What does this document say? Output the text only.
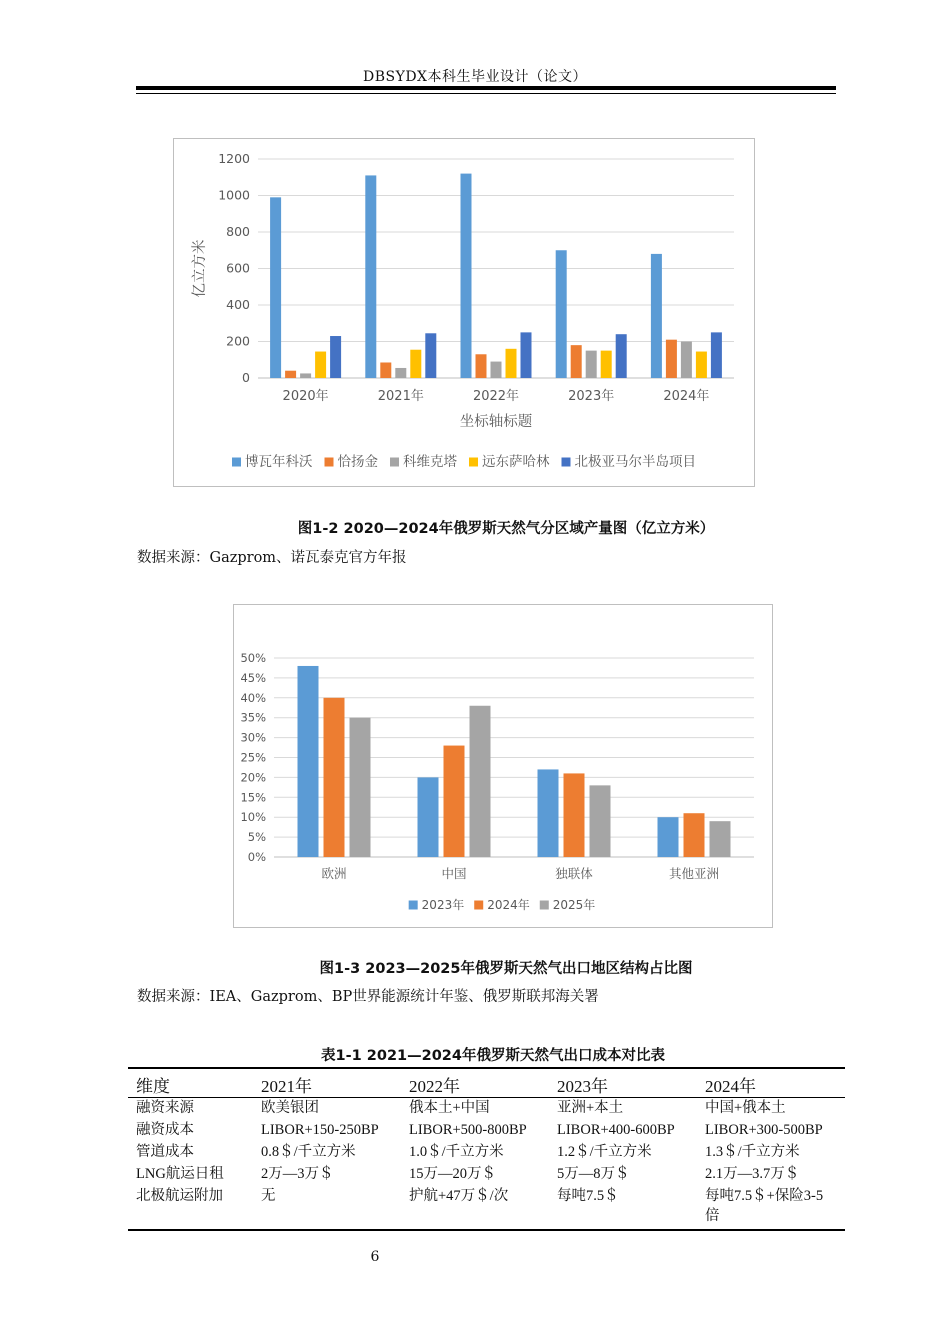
DBSYDX本科生毕业设计（论文）
0
200
400
600
800
1000
1200
2020年	2021年	2022年	2023年	2024年
坐标轴标题
亿立方米
博瓦年科沃 恰扬金 科维克塔 远东萨哈林 北极亚马尔半岛项目
图1-2 2020—2024年俄罗斯天然气分区域产量图（亿立方米）
数据来源：Gazprom、诺瓦泰克官方年报
0%
5%
10%
15%
20%
25%
30%
35%
40%
45%
50%
欧洲	中国	独联体	其他亚洲
2023年 2024年 2025年
图1-3 2023—2025年俄罗斯天然气出口地区结构占比图
数据来源：IEA、Gazprom、BP世界能源统计年鉴、俄罗斯联邦海关署
表1-1 2021—2024年俄罗斯天然气出口成本对比表
维度	2021年	2022年	2023年	2024年
融资来源	欧美银团	俄本土+中国	亚洲+本土	中国+俄本土
融资成本	LIBOR+150-250BP	LIBOR+500-800BP	LIBOR+400-600BP	LIBOR+300-500BP
管道成本	0.8＄/千立方米	1.0＄/千立方米	1.2＄/千立方米	1.3＄/千立方米
LNG航运日租	2万—3万＄	15万—20万＄	5万—8万＄	2.1万—3.7万＄
北极航运附加	无	护航+47万＄/次	每吨7.5＄	每吨7.5＄+保险3-5倍
6
